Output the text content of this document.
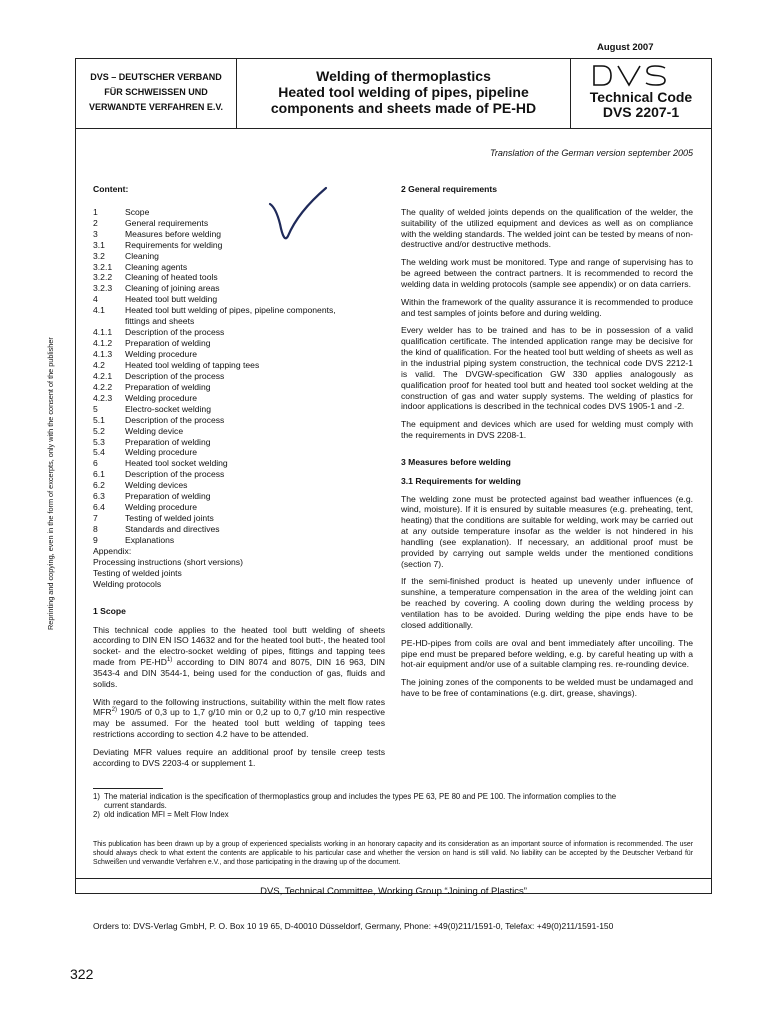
August 2007
DVS – DEUTSCHER VERBAND
FÜR SCHWEISSEN UND
VERWANDTE VERFAHREN E.V.
Welding of thermoplastics
Heated tool welding of pipes, pipeline
components and sheets made of PE-HD
Technical Code
DVS 2207-1
Translation of the German version september 2005
Content:
1	Scope
2	General requirements
3	Measures before welding
3.1	Requirements for welding
3.2	Cleaning
3.2.1	Cleaning agents
3.2.2	Cleaning of heated tools
3.2.3	Cleaning of joining areas
4	Heated tool butt welding
4.1	Heated tool butt welding of pipes, pipeline components,
fittings and sheets
4.1.1	Description of the process
4.1.2	Preparation of welding
4.1.3	Welding procedure
4.2	Heated tool welding of tapping tees
4.2.1	Description of the process
4.2.2	Preparation of welding
4.2.3	Welding procedure
5	Electro-socket welding
5.1	Description of the process
5.2	Welding device
5.3	Preparation of welding
5.4	Welding procedure
6	Heated tool socket welding
6.1	Description of the process
6.2	Welding devices
6.3	Preparation of welding
6.4	Welding procedure
7	Testing of welded joints
8	Standards and directives
9	Explanations
Appendix:
Processing instructions (short versions)
Testing of welded joints
Welding protocols
1 Scope

This technical code applies to the heated tool butt welding of sheets according to DIN EN ISO 14632 and for the heated tool butt-, the heated tool socket- and the electro-socket welding of pipes, fittings and tapping tees made from PE-HD$^{1)}$ according to DIN 8074 and 8075, DIN 16 963, DIN 3543-4 and DIN 3544-1, being used for the conduction of gas, fluids and solids.

With regard to the following instructions, suitability within the melt flow rates MFR$^{2)}$ 190/5 of 0,3 up to 1,7 g/10 min or 0,2 up to 0,7 g/10 min respective may be assumed. For the heated tool butt welding of tapping tees restrictions according to section 4.2 have to be attended.

Deviating MFR values require an additional proof by tensile creep tests according to DVS 2203-4 or supplement 1.

2 General requirements

The quality of welded joints depends on the qualification of the welder, the suitability of the utilized equipment and devices as well as on compliance with the welding standards. The welded joint can be tested by means of non-destructive and/or destructive methods.

The welding work must be monitored. Type and range of supervising has to be agreed between the contract partners. It is recommended to record the welding data in welding protocols (sample see appendix) or on data carriers.

Within the framework of the quality assurance it is recommended to produce and test samples of joints before and during welding.

Every welder has to be trained and has to be in possession of a valid qualification certificate. The intended application range may be decisive for the kind of qualification. For the heated tool butt welding of sheets as well as in the industrial piping system construction, the technical code DVS 2212-1 is valid. The DVGW-specification GW 330 applies analogously as qualification proof for heated tool butt and heated tool socket welding at the construction of gas and water supply systems. The welding of plastics for indoor applications is described in the technical codes DVS 1905-1 and -2.

The equipment and devices which are used for welding must comply with the requirements in DVS 2208-1.

3 Measures before welding
3.1 Requirements for welding

The welding zone must be protected against bad weather influences (e.g. wind, moisture). If it is ensured by suitable measures (e.g. preheating, tent, heating) that the conditions are suitable for welding, work may be carried out at any outside temperature insofar as the welder is not hindered in his handling (see explanation). If necessary, an additional proof must be provided by carrying out sample welds under the mentioned conditions (section 7).

If the semi-finished product is heated up unevenly under influence of sunshine, a temperature compensation in the area of the welding joint can be reached by covering. A cooling down during the welding process by ventilation has to be avoided. During welding the pipe ends have to be closed additionally.

PE-HD-pipes from coils are oval and bent immediately after uncoiling. The pipe end must be prepared before welding, e.g. by careful heating up with a hot-air equipment and/or use of a suitable clamping res. re-rounding device.

The joining zones of the components to be welded must be undamaged and have to be free of contaminations (e.g. dirt, grease, shavings).

1) The material indication is the specification of thermoplastics group and includes the types PE 63, PE 80 and PE 100. The information complies to the
current standards.
2) old indication MFI = Melt Flow Index
This publication has been drawn up by a group of experienced specialists working in an honorary capacity and its consideration as an important source of information is recommended. The user should always check to what extent the contents are applicable to his particular case and whether the version on hand is still valid. No liability can be accepted by the Deutscher Verband für Schweißen und verwandte Verfahren e.V., and those participating in the drawing up of the document.
DVS, Technical Committee, Working Group “Joining of Plastics”
Orders to: DVS-Verlag GmbH, P. O. Box 10 19 65, D-40010 Düsseldorf, Germany, Phone: +49(0)211/1591-0, Telefax: +49(0)211/1591-150
322
Reprinting and copying, even in the form of excerpts, only with the consent of the publisher
